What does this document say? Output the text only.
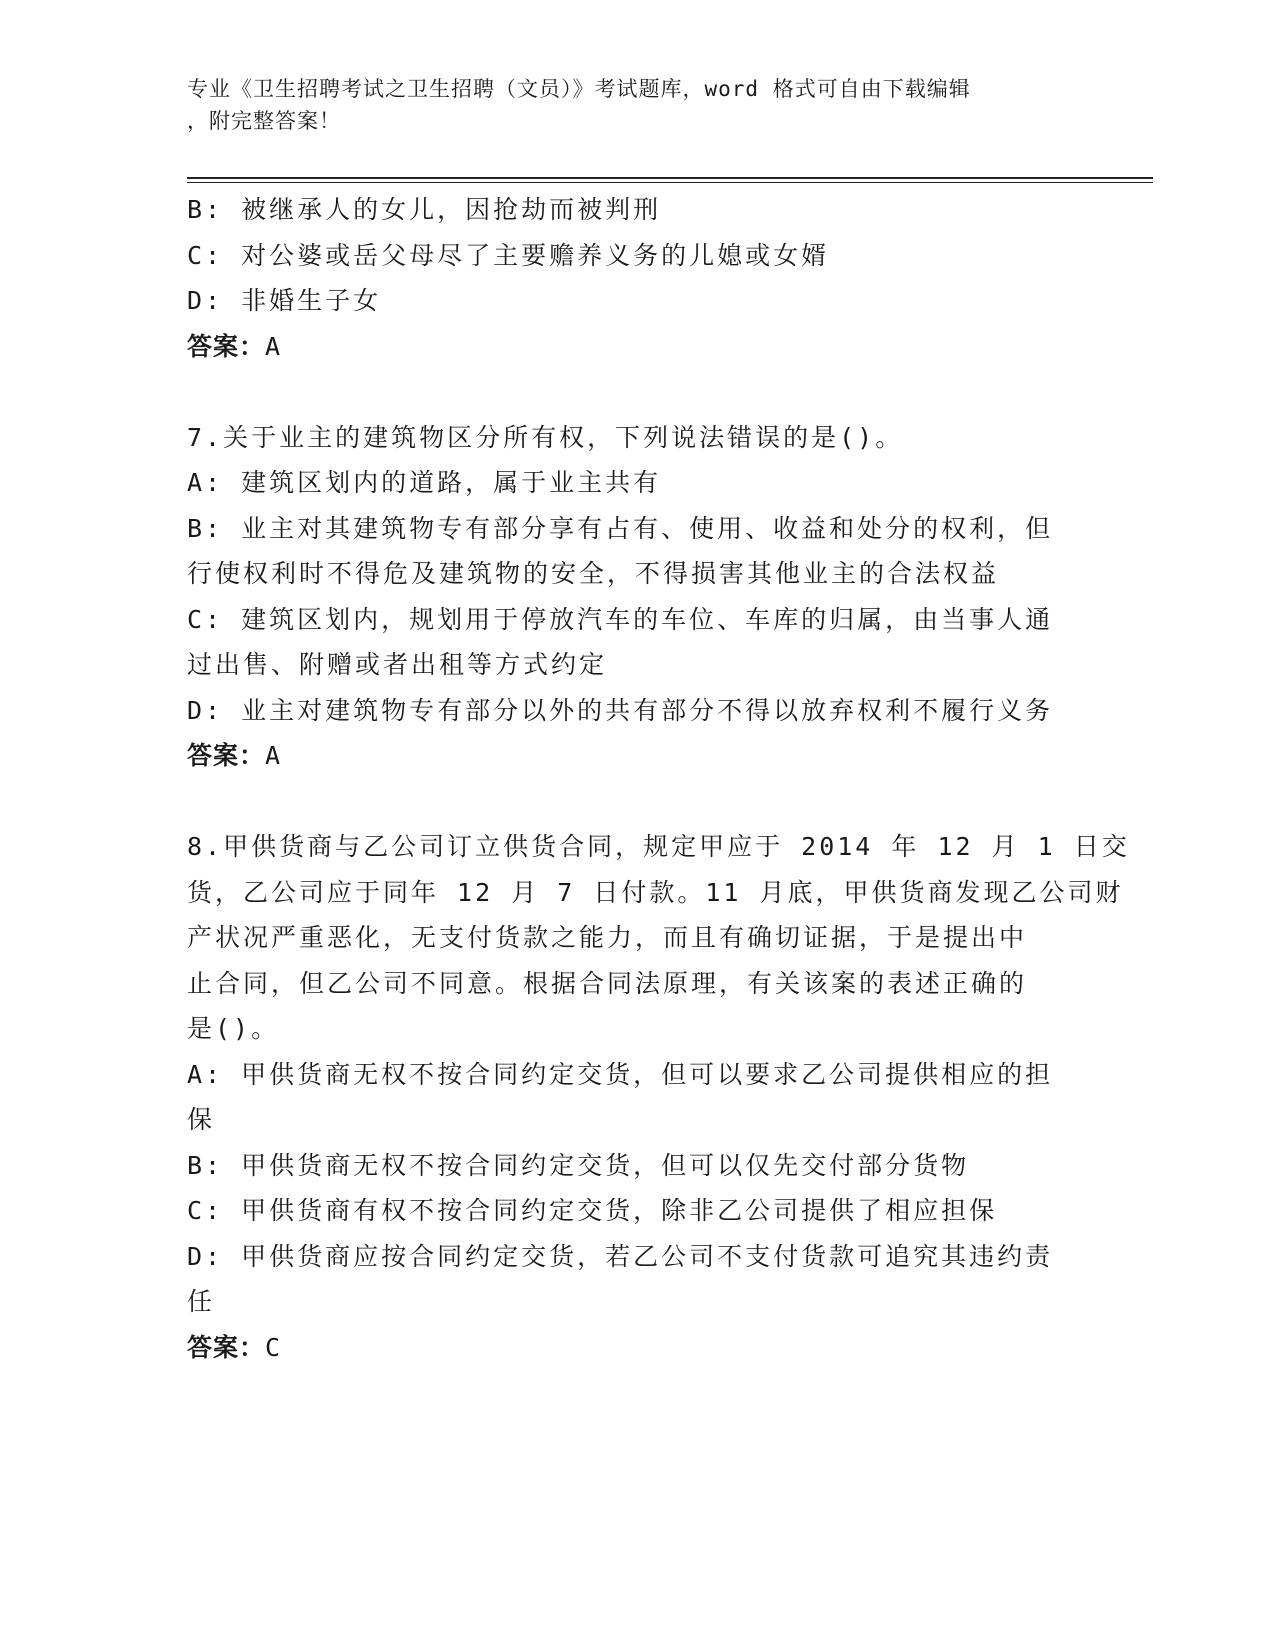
专业《卫生招聘考试之卫生招聘（文员）》考试题库，word 格式可自由下载编辑
，附完整答案！
B: 被继承人的女儿，因抢劫而被判刑
C: 对公婆或岳父母尽了主要赡养义务的儿媳或女婿
D: 非婚生子女
答案：A
7.关于业主的建筑物区分所有权，下列说法错误的是()。
A: 建筑区划内的道路，属于业主共有
B: 业主对其建筑物专有部分享有占有、使用、收益和处分的权利，但
行使权利时不得危及建筑物的安全，不得损害其他业主的合法权益
C: 建筑区划内，规划用于停放汽车的车位、车库的归属，由当事人通
过出售、附赠或者出租等方式约定
D: 业主对建筑物专有部分以外的共有部分不得以放弃权利不履行义务
答案：A
8.甲供货商与乙公司订立供货合同，规定甲应于 2014 年 12 月 1 日交
货，乙公司应于同年 12 月 7 日付款。11 月底，甲供货商发现乙公司财
产状况严重恶化，无支付货款之能力，而且有确切证据，于是提出中
止合同，但乙公司不同意。根据合同法原理，有关该案的表述正确的
是()。
A: 甲供货商无权不按合同约定交货，但可以要求乙公司提供相应的担
保
B: 甲供货商无权不按合同约定交货，但可以仅先交付部分货物
C: 甲供货商有权不按合同约定交货，除非乙公司提供了相应担保
D: 甲供货商应按合同约定交货，若乙公司不支付货款可追究其违约责
任
答案：C
